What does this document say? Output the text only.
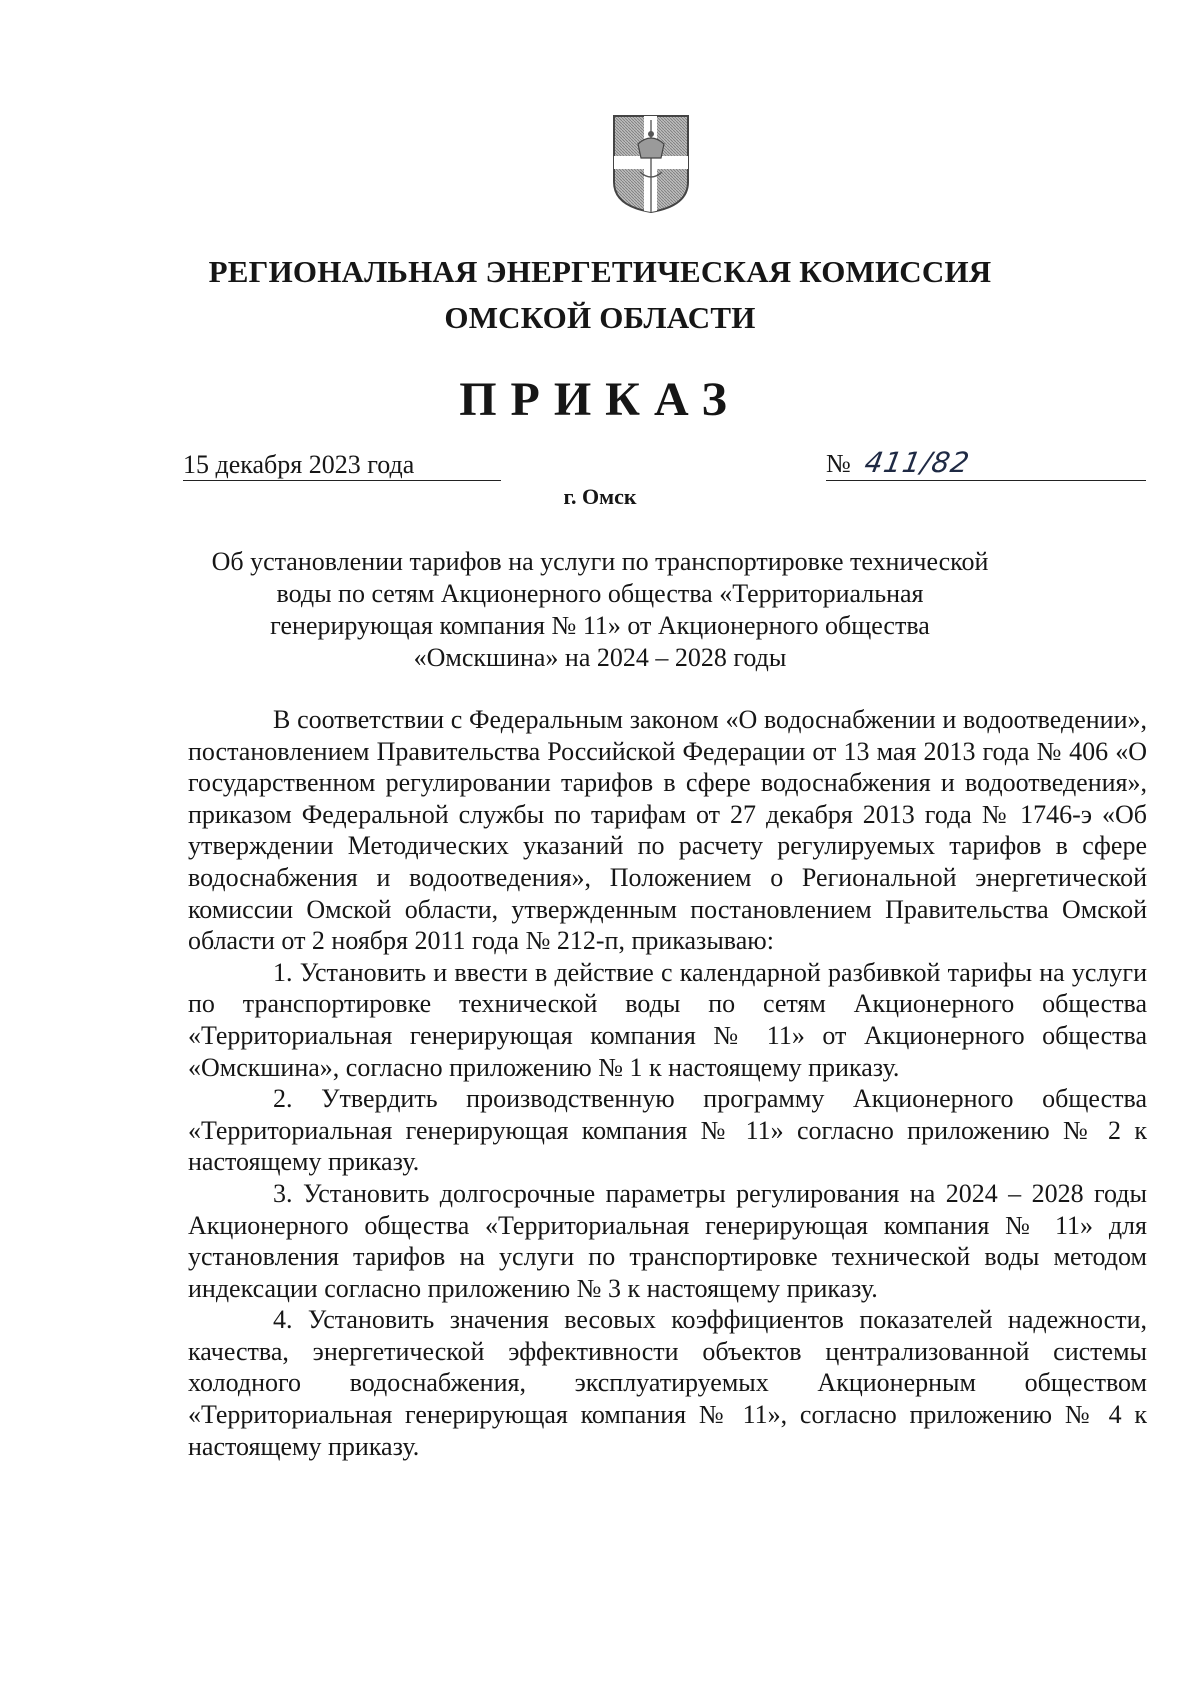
РЕГИОНАЛЬНАЯ ЭНЕРГЕТИЧЕСКАЯ КОМИССИЯ
ОМСКОЙ ОБЛАСТИ
ПРИКАЗ
15 декабря 2023 года	№ 411/82
г. Омск
Об установлении тарифов на услуги по транспортировке технической
воды по сетям Акционерного общества «Территориальная
генерирующая компания № 11» от Акционерного общества
«Омскшина» на 2024 – 2028 годы

В соответствии с Федеральным законом «О водоснабжении и водоотведении», постановлением Правительства Российской Федерации от 13 мая 2013 года № 406 «О государственном регулировании тарифов в сфере водоснабжения и водоотведения», приказом Федеральной службы по тарифам от 27 декабря 2013 года № 1746-э «Об утверждении Методических указаний по расчету регулируемых тарифов в сфере водоснабжения и водоотведения», Положением о Региональной энергетической комиссии Омской области, утвержденным постановлением Правительства Омской области от 2 ноября 2011 года № 212-п, приказываю:

1. Установить и ввести в действие с календарной разбивкой тарифы на услуги по транспортировке технической воды по сетям Акционерного общества «Территориальная генерирующая компания № 11» от Акционерного общества «Омскшина», согласно приложению № 1 к настоящему приказу.

2. Утвердить производственную программу Акционерного общества «Территориальная генерирующая компания № 11» согласно приложению № 2 к настоящему приказу.

3. Установить долгосрочные параметры регулирования на 2024 – 2028 годы Акционерного общества «Территориальная генерирующая компания № 11» для установления тарифов на услуги по транспортировке технической воды методом индексации согласно приложению № 3 к настоящему приказу.

4. Установить значения весовых коэффициентов показателей надежности, качества, энергетической эффективности объектов централизованной системы холодного водоснабжения, эксплуатируемых Акционерным обществом «Территориальная генерирующая компания № 11», согласно приложению № 4 к настоящему приказу.
